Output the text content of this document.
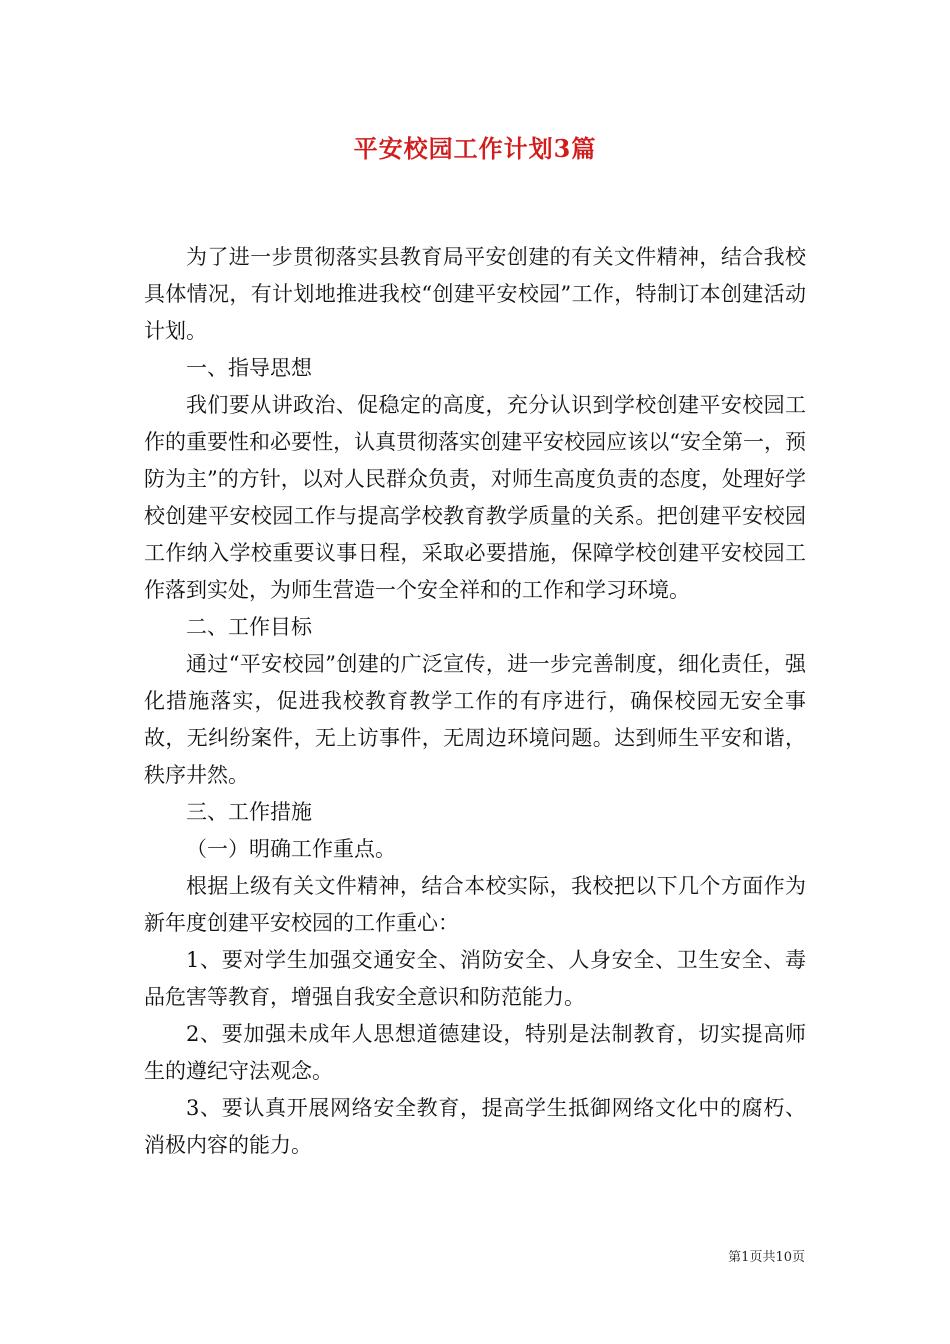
平安校园工作计划3篇

为了进一步贯彻落实县教育局平安创建的有关文件精神，结合我校具体情况，有计划地推进我校“创建平安校园”工作，特制订本创建活动计划。

一、指导思想

我们要从讲政治、促稳定的高度，充分认识到学校创建平安校园工作的重要性和必要性，认真贯彻落实创建平安校园应该以“安全第一，预防为主”的方针，以对人民群众负责，对师生高度负责的态度，处理好学校创建平安校园工作与提高学校教育教学质量的关系。把创建平安校园工作纳入学校重要议事日程，采取必要措施，保障学校创建平安校园工作落到实处，为师生营造一个安全祥和的工作和学习环境。

二、工作目标

通过“平安校园”创建的广泛宣传，进一步完善制度，细化责任，强化措施落实，促进我校教育教学工作的有序进行，确保校园无安全事故，无纠纷案件，无上访事件，无周边环境问题。达到师生平安和谐，秩序井然。

三、工作措施

（一）明确工作重点。

根据上级有关文件精神，结合本校实际，我校把以下几个方面作为新年度创建平安校园的工作重心：

1、要对学生加强交通安全、消防安全、人身安全、卫生安全、毒品危害等教育，增强自我安全意识和防范能力。

2、要加强未成年人思想道德建设，特别是法制教育，切实提高师生的遵纪守法观念。

3、要认真开展网络安全教育，提高学生抵御网络文化中的腐朽、消极内容的能力。

第1页共10页
